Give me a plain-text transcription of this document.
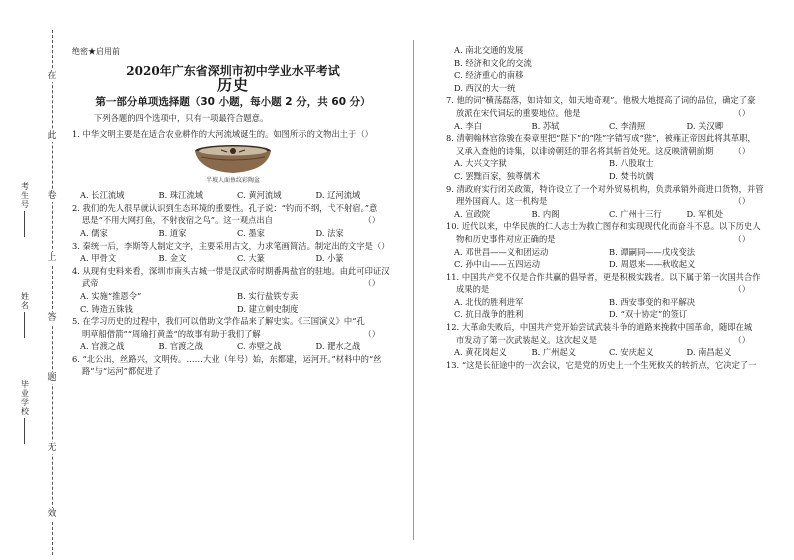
在
此
卷
上
答
题
无
效
考生号
姓名
毕业学校
绝密★启用前
2020年广东省深圳市初中学业水平考试
历史
第一部分单项选择题（30 小题，每小题 2 分，共 60 分）
下列各题的四个选项中，只有一项最符合题意。
1. 中华文明主要是在适合农业耕作的大河流域诞生的。如图所示的文物出土于（）
半坡人面鱼纹彩陶盆
A. 长江流域	B. 珠江流域	C. 黄河流域	D. 辽河流域
2. 我们的先人很早就认识到生态环境的重要性。孔子说：“钓而不纲，弋不射宿。”意
思是“不用大网打鱼，不射夜宿之鸟”。这一观点出自	（）
A. 儒家	B. 道家	C. 墨家	D. 法家
3. 秦统一后，李斯等人制定文字，主要采用古文，力求笔画简洁。制定出的文字是（）
A. 甲骨文	B. 金文	C. 大篆	D. 小篆
4. 从现有史料来看，深圳市南头古城一带是汉武帝时期番禺盐官的驻地。由此可印证汉
武帝	（）
A. 实施“推恩令”	B. 实行盐铁专卖
C. 铸造五铢钱	D. 建立刺史制度
5. 在学习历史的过程中，我们可以借助文学作品来了解史实。《三国演义》中“孔
明草船借箭”“周瑜打黄盖”的故事有助于我们了解	（）
A. 官渡之战	B. 官渡之战	C. 赤壁之战	D. 淝水之战
6. “北公出，丝路兴，文明传。……大业（年号）始，东都建，运河开。”材料中的“丝
路”与“运河”都促进了
A. 南北交通的发展
B. 经济和文化的交流
C. 经济重心的南移
D. 西汉的大一统
7. 他的词“横荡磊落，如诗如文，如天地奇观”。他极大地提高了词的品位，确定了豪
放派在宋代词坛的重要地位。他是	（）
A. 李白	B. 苏轼	C. 李清照	D. 关汉卿
8. 清朝翰林官徐骏在奏章里把“陛下”的“陛”字错写成“狴”，被雍正帝因此将其革职，
又承入查他的诗集，以诽谤朝廷的罪名将其斩首处死。这反映清朝前期 （）
A. 大兴文字狱	B. 八股取士
C. 罢黜百家，独尊儒术	D. 焚书坑儒
9. 清政府实行闭关政策，特许设立了一个对外贸易机构，负责承销外商进口货物，并管
理外国商人。这一机构是	（）
A. 宣政院	B. 内阁	C. 广州十三行	D. 军机处
10. 近代以来，中华民族的仁人志士为救亡图存和实现现代化而奋斗不息。以下历史人
物和历史事件对应正确的是	（）
A. 邓世昌——义和团运动	B. 谭嗣同——戊戌变法
C. 孙中山——五四运动	D. 周恩来——秋收起义
11. 中国共产党不仅是合作共赢的倡导者，更是积极实践者。以下属于第一次国共合作
成果的是	（）
A. 北伐的胜利进军	B. 西安事变的和平解决
C. 抗日战争的胜利	D. “双十协定”的签订
12. 大革命失败后，中国共产党开始尝试武装斗争的道路来挽救中国革命，随即在城
市发动了第一次武装起义。这次起义是	（）
A. 黄花岗起义	B. 广州起义	C. 安庆起义	D. 南昌起义
13. “这是长征途中的一次会议，它是党的历史上一个生死攸关的转折点，它决定了一
